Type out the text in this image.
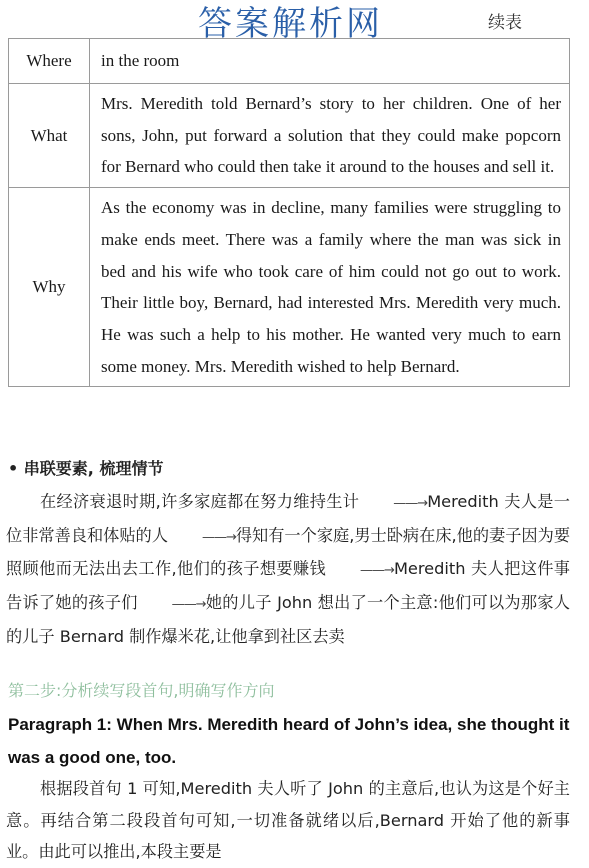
答案解析网	续表
Where	in the room
What	Mrs. Meredith told Bernard’s story to her children. One of her sons, John, put forward a solution that they could make popcorn for Bernard who could then take it around to the houses and sell it.
Why	As the economy was in decline, many families were struggling to make ends meet. There was a family where the man was sick in bed and his wife who took care of him could not go out to work. Their little boy, Bernard, had interested Mrs. Meredith very much. He was such a help to his mother. He wanted very much to earn some money. Mrs. Meredith wished to help Bernard.
• 串联要素, 梳理情节
在经济衰退时期,许多家庭都在努力维持生计	——→Meredith 夫人是一位非常善良和体贴的人	——→得知有一个家庭,男士卧病在床,他的妻子因为要照顾他而无法出去工作,他们的孩子想要赚钱	——→Meredith 夫人把这件事告诉了她的孩子们	——→她的儿子 John 想出了一个主意:他们可以为那家人的儿子 Bernard 制作爆米花,让他拿到社区去卖
第二步:分析续写段首句,明确写作方向
Paragraph 1: When Mrs. Meredith heard of John’s idea, she thought it was a good one, too.
根据段首句 1 可知,Meredith 夫人听了 John 的主意后,也认为这是个好主意。再结合第二段段首句可知,一切准备就绪以后,Bernard 开始了他的新事业。由此可以推出,本段主要是
